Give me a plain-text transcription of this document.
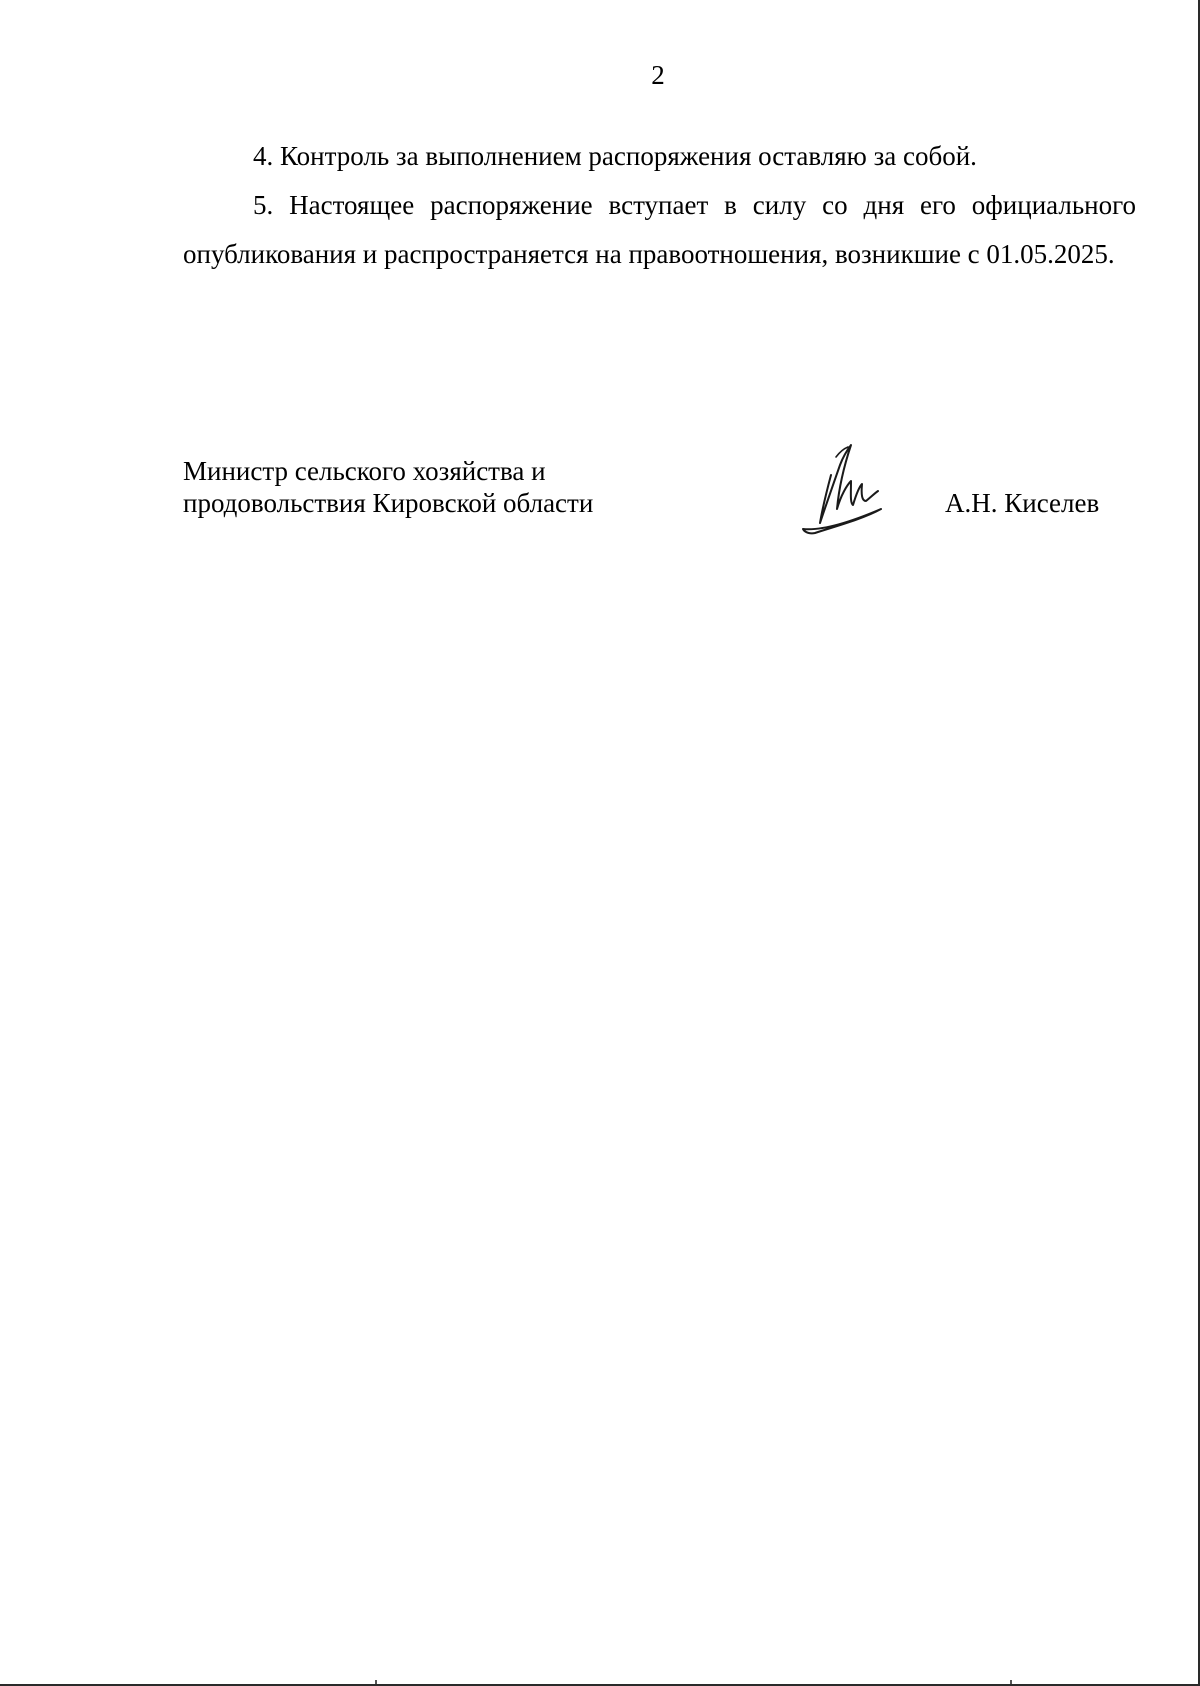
2

4. Контроль за выполнением распоряжения оставляю за собой.

5. Настоящее распоряжение вступает в силу со дня его официального опубликования и распространяется на правоотношения, возникшие с 01.05.2025.

Министр сельского хозяйства и
продовольствия Кировской области	А.Н. Киселев
